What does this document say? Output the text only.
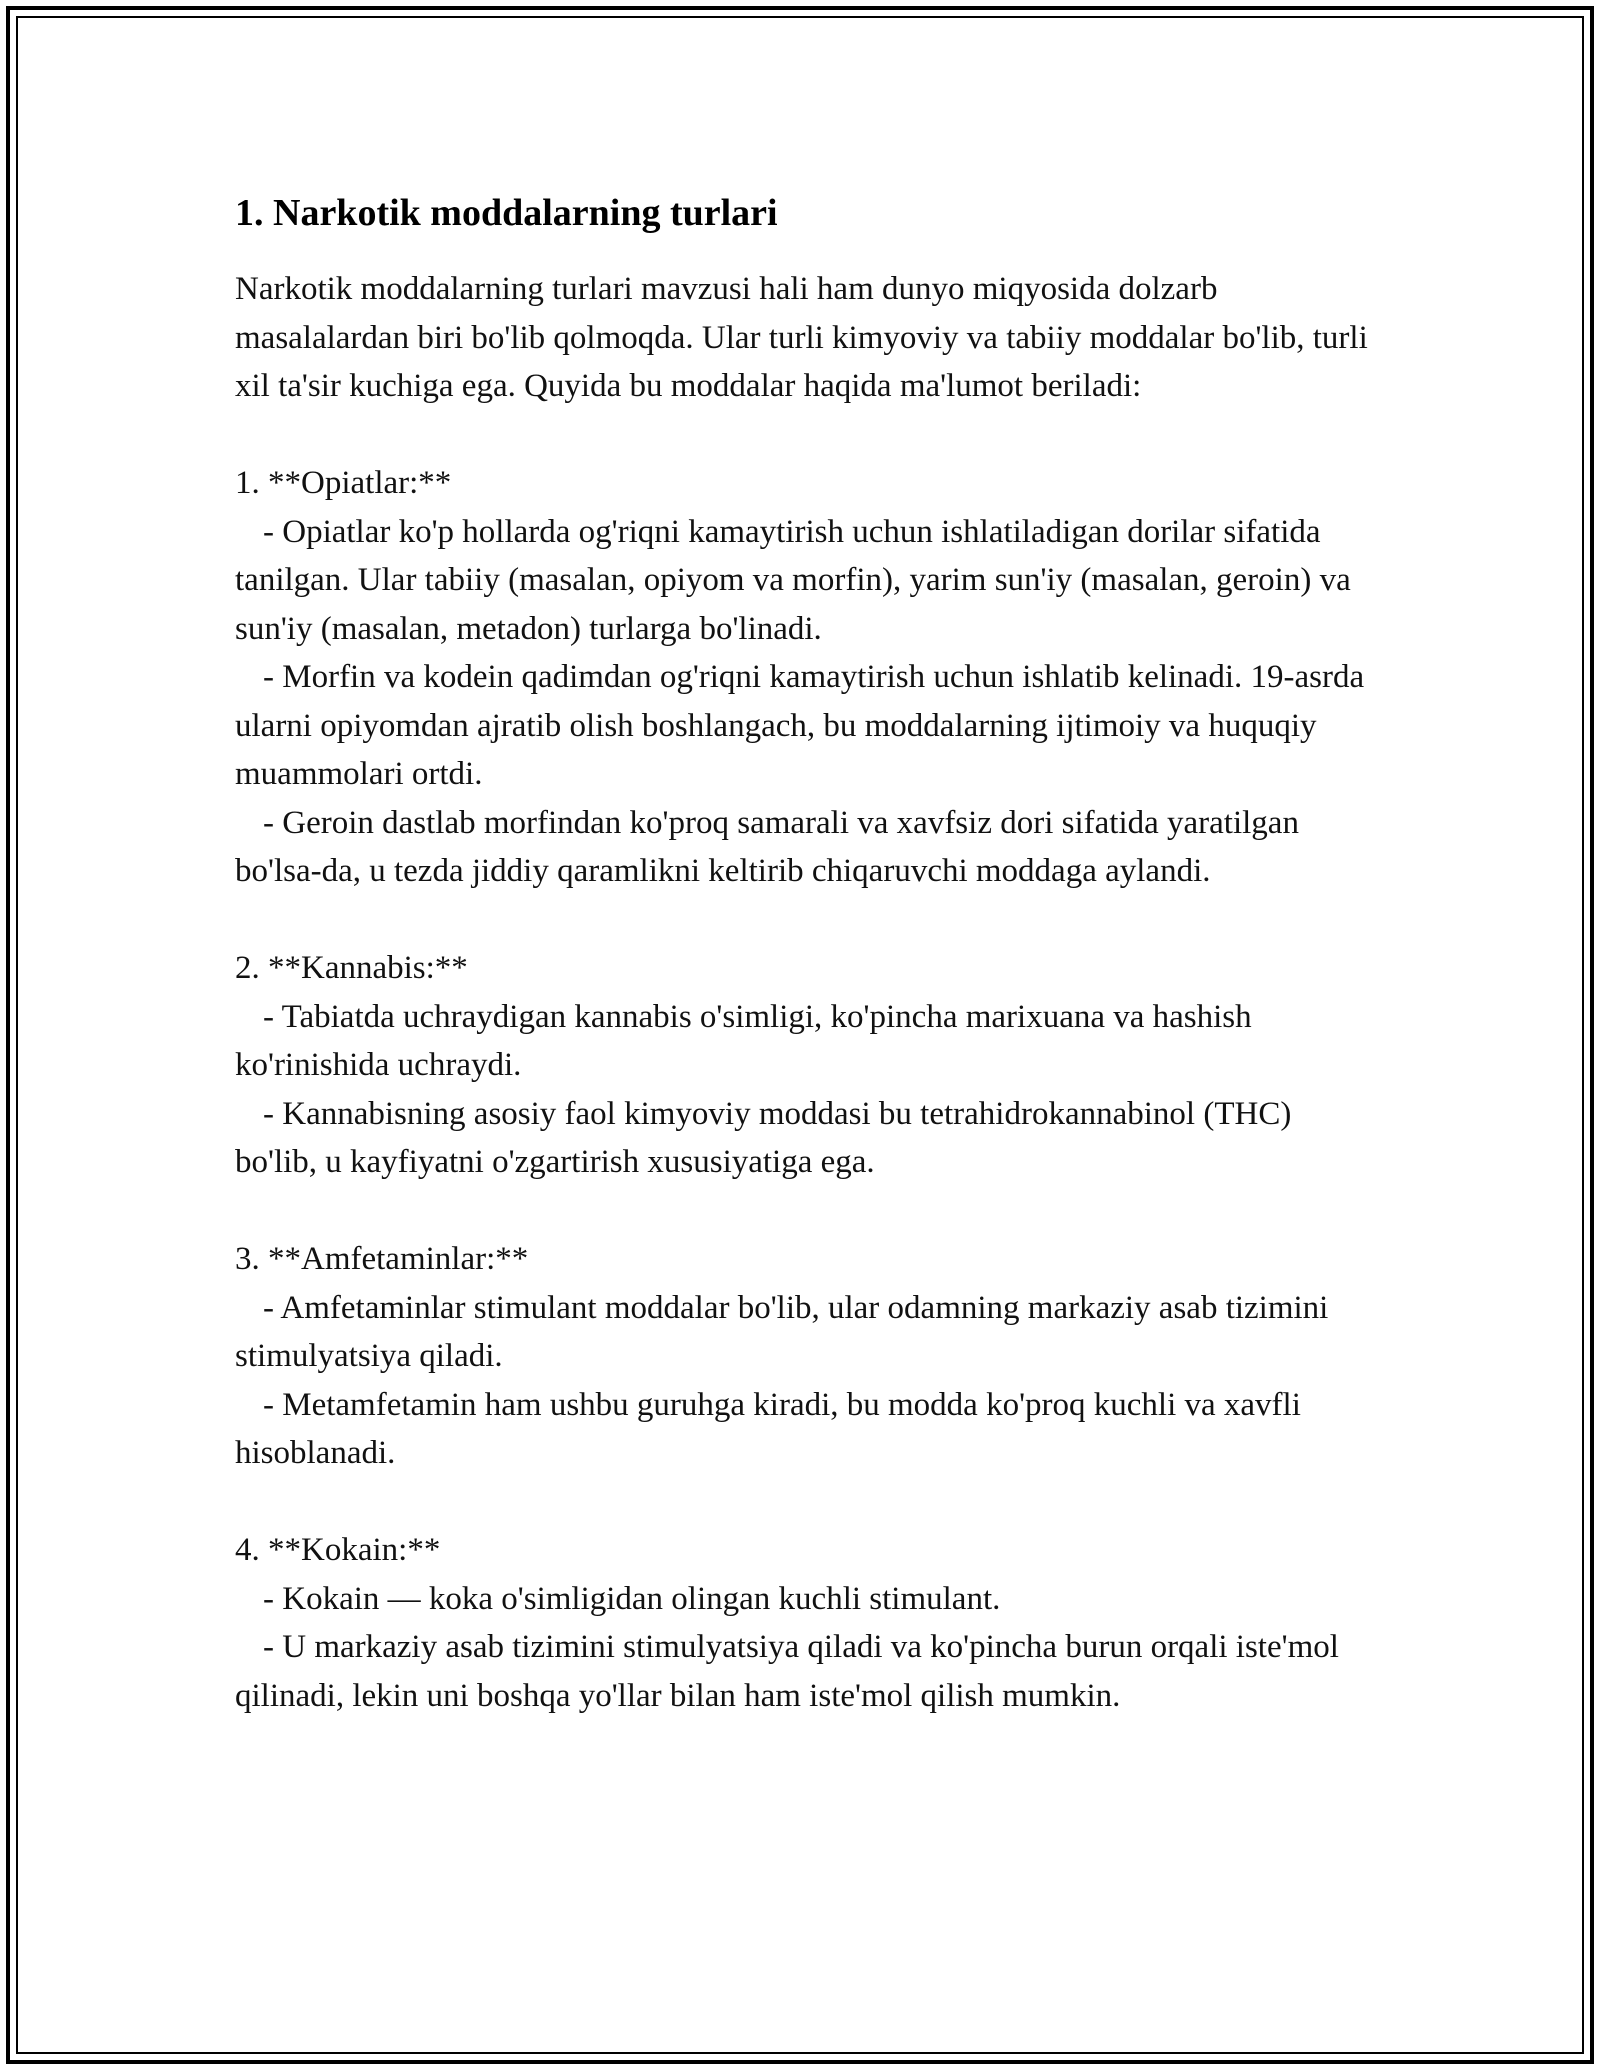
1. Narkotik moddalarning turlari

Narkotik moddalarning turlari mavzusi hali ham dunyo miqyosida dolzarb masalalardan biri bo'lib qolmoqda. Ular turli kimyoviy va tabiiy moddalar bo'lib, turli xil ta'sir kuchiga ega. Quyida bu moddalar haqida ma'lumot beriladi:

1. **Opiatlar:**

- Opiatlar ko'p hollarda og'riqni kamaytirish uchun ishlatiladigan dorilar sifatida tanilgan. Ular tabiiy (masalan, opiyom va morfin), yarim sun'iy (masalan, geroin) va sun'iy (masalan, metadon) turlarga bo'linadi.

- Morfin va kodein qadimdan og'riqni kamaytirish uchun ishlatib kelinadi. 19-asrda ularni opiyomdan ajratib olish boshlangach, bu moddalarning ijtimoiy va huquqiy muammolari ortdi.

- Geroin dastlab morfindan ko'proq samarali va xavfsiz dori sifatida yaratilgan bo'lsa-da, u tezda jiddiy qaramlikni keltirib chiqaruvchi moddaga aylandi.

2. **Kannabis:**

- Tabiatda uchraydigan kannabis o'simligi, ko'pincha marixuana va hashish ko'rinishida uchraydi.

- Kannabisning asosiy faol kimyoviy moddasi bu tetrahidrokannabinol (THC) bo'lib, u kayfiyatni o'zgartirish xususiyatiga ega.

3. **Amfetaminlar:**

- Amfetaminlar stimulant moddalar bo'lib, ular odamning markaziy asab tizimini stimulyatsiya qiladi.

- Metamfetamin ham ushbu guruhga kiradi, bu modda ko'proq kuchli va xavfli hisoblanadi.

4. **Kokain:**

- Kokain — koka o'simligidan olingan kuchli stimulant.

- U markaziy asab tizimini stimulyatsiya qiladi va ko'pincha burun orqali iste'mol qilinadi, lekin uni boshqa yo'llar bilan ham iste'mol qilish mumkin.
